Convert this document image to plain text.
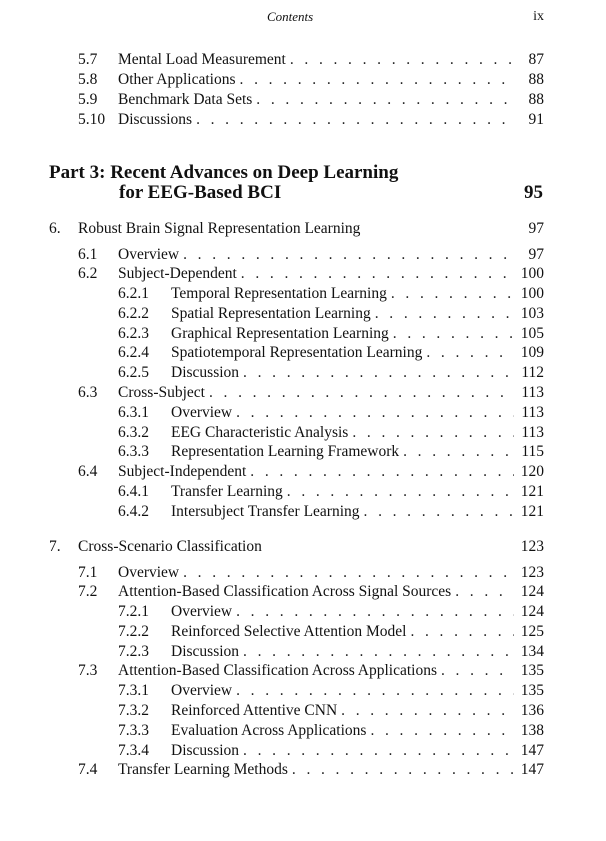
Contents	ix
5.7	Mental Load Measurement . . .	87
5.8	Other Applications . . .	88
5.9	Benchmark Data Sets . . .	88
5.10 Discussions . . .	91
Part 3: Recent Advances on Deep Learning
for EEG-Based BCI	95
6.	Robust Brain Signal Representation Learning	97
6.1	Overview . . .	97
6.2	Subject-Dependent . . .	100
6.2.1	Temporal Representation Learning . . .	100
6.2.2	Spatial Representation Learning . . .	103
6.2.3	Graphical Representation Learning . . .	105
6.2.4	Spatiotemporal Representation Learning . . .	109
6.2.5	Discussion . . .	112
6.3	Cross-Subject . . .	113
6.3.1	Overview . . .	113
6.3.2	EEG Characteristic Analysis . . .	113
6.3.3	Representation Learning Framework . . .	115
6.4	Subject-Independent . . .	120
6.4.1	Transfer Learning . . .	121
6.4.2	Intersubject Transfer Learning . . .	121
7.	Cross-Scenario Classification	123
7.1	Overview . . .	123
7.2	Attention-Based Classification Across Signal Sources . . .	124
7.2.1	Overview . . .	124
7.2.2	Reinforced Selective Attention Model . . .	125
7.2.3	Discussion . . .	134
7.3	Attention-Based Classification Across Applications . . .	135
7.3.1	Overview . . .	135
7.3.2	Reinforced Attentive CNN . . .	136
7.3.3	Evaluation Across Applications . . .	138
7.3.4	Discussion . . .	147
7.4	Transfer Learning Methods . . .	147
